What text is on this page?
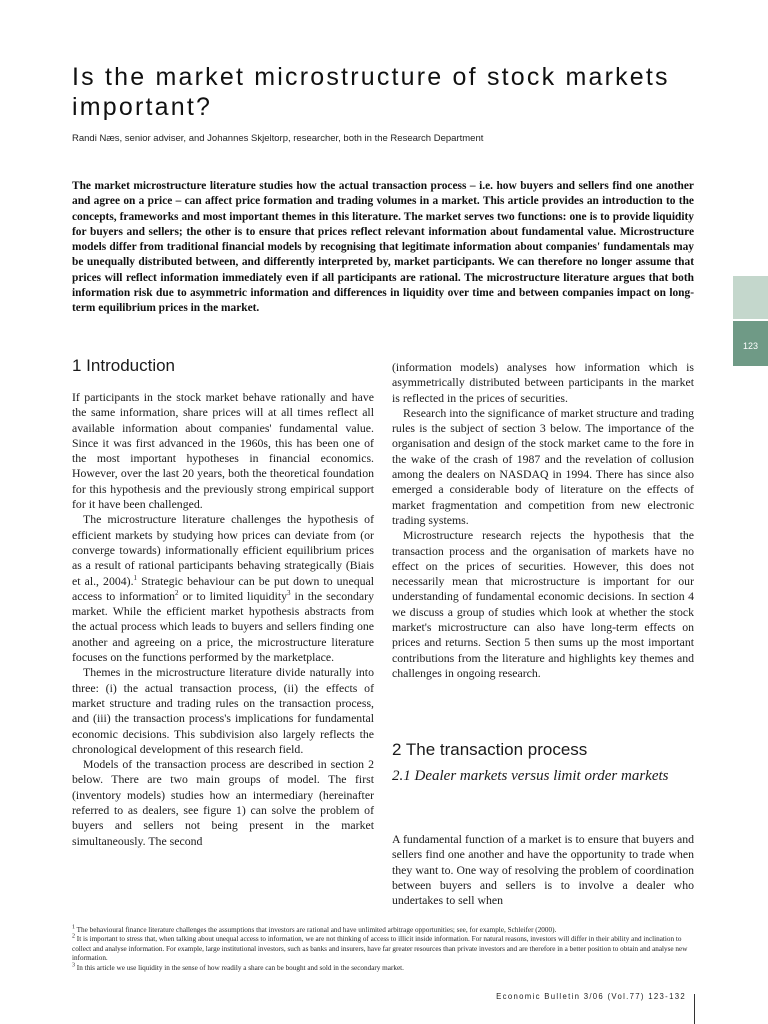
Is the market microstructure of stock markets important?

Randi Næs, senior adviser, and Johannes Skjeltorp, researcher, both in the Research Department

The market microstructure literature studies how the actual transaction process – i.e. how buyers and sellers find one another and agree on a price – can affect price formation and trading volumes in a market. This article provides an introduction to the concepts, frameworks and most important themes in this literature. The market serves two functions: one is to provide liquidity for buyers and sellers; the other is to ensure that prices reflect relevant information about fundamental value. Microstructure models differ from traditional financial models by recognising that legitimate information about companies' fundamentals may be unequally distributed between, and differently interpreted by, market participants. We can therefore no longer assume that prices will reflect information immediately even if all participants are rational. The microstructure literature argues that both information risk due to asymmetric information and differences in liquidity over time and between companies impact on long-term equilibrium prices in the market.

123
1 Introduction

If participants in the stock market behave rationally and have the same information, share prices will at all times reflect all available information about companies' fundamental value. Since it was first advanced in the 1960s, this has been one of the most important hypotheses in financial economics. However, over the last 20 years, both the theoretical foundation for this hypothesis and the previously strong empirical support for it have been challenged.

The microstructure literature challenges the hypothesis of efficient markets by studying how prices can deviate from (or converge towards) informationally efficient equilibrium prices as a result of rational participants behaving strategically (Biais et al., 2004).$^1$ Strategic behaviour can be put down to unequal access to information$^2$ or to limited liquidity$^3$ in the secondary market. While the efficient market hypothesis abstracts from the actual process which leads to buyers and sellers finding one another and agreeing on a price, the microstructure literature focuses on the functions performed by the marketplace.

Themes in the microstructure literature divide naturally into three: (i) the actual transaction process, (ii) the effects of market structure and trading rules on the transaction process, and (iii) the transaction process's implications for fundamental economic decisions. This subdivision also largely reflects the chronological development of this research field.

Models of the transaction process are described in section 2 below. There are two main groups of model. The first (inventory models) studies how an intermediary (hereinafter referred to as dealers, see figure 1) can solve the problem of buyers and sellers not being present in the market simultaneously. The second

(information models) analyses how information which is asymmetrically distributed between participants in the market is reflected in the prices of securities.

Research into the significance of market structure and trading rules is the subject of section 3 below. The importance of the organisation and design of the stock market came to the fore in the wake of the crash of 1987 and the revelation of collusion among the dealers on NASDAQ in 1994. There has since also emerged a considerable body of literature on the effects of market fragmentation and competition from new electronic trading systems.

Microstructure research rejects the hypothesis that the transaction process and the organisation of markets have no effect on the prices of securities. However, this does not necessarily mean that microstructure is important for our understanding of fundamental economic decisions. In section 4 we discuss a group of studies which look at whether the stock market's microstructure can also have long-term effects on prices and returns. Section 5 then sums up the most important contributions from the literature and highlights key themes and challenges in ongoing research.

2 The transaction process
2.1 Dealer markets versus limit order markets

A fundamental function of a market is to ensure that buyers and sellers find one another and have the opportunity to trade when they want to. One way of resolving the problem of coordination between buyers and sellers is to involve a dealer who undertakes to sell when

$^1$ The behavioural finance literature challenges the assumptions that investors are rational and have unlimited arbitrage opportunities; see, for example, Schleifer (2000).

$^2$ It is important to stress that, when talking about unequal access to information, we are not thinking of access to illicit inside information. For natural reasons, investors will differ in their ability and inclination to collect and analyse information. For example, large institutional investors, such as banks and insurers, have far greater resources than private investors and are therefore in a better position to obtain and analyse new information.

$^3$ In this article we use liquidity in the sense of how readily a share can be bought and sold in the secondary market.

Economic Bulletin 3/06 (Vol.77) 123-132
